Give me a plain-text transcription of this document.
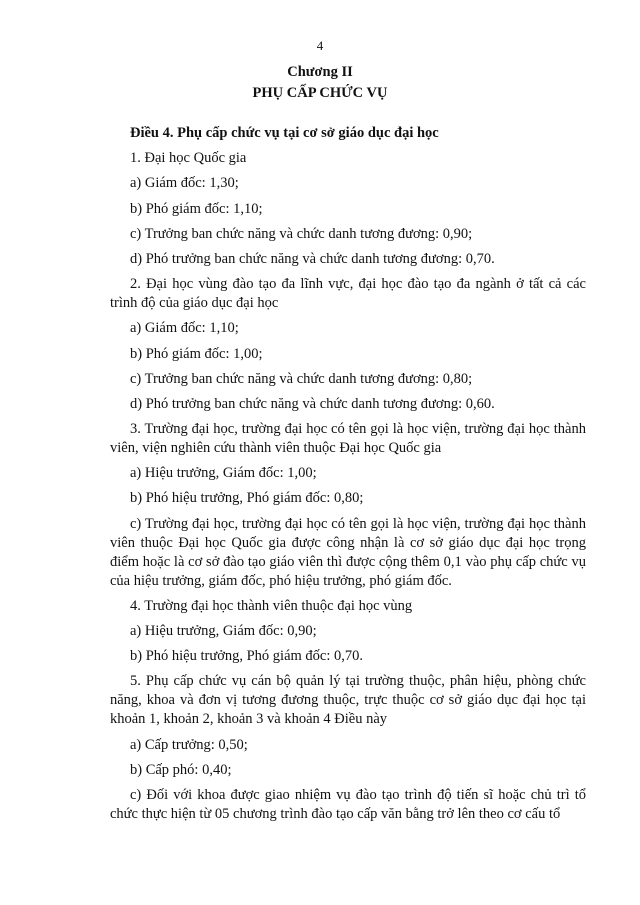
4
Chương II
PHỤ CẤP CHỨC VỤ

Điều 4. Phụ cấp chức vụ tại cơ sở giáo dục đại học

1. Đại học Quốc gia

a) Giám đốc: 1,30;

b) Phó giám đốc: 1,10;

c) Trưởng ban chức năng và chức danh tương đương: 0,90;

d) Phó trưởng ban chức năng và chức danh tương đương: 0,70.

2. Đại học vùng đào tạo đa lĩnh vực, đại học đào tạo đa ngành ở tất cả các trình độ của giáo dục đại học

a) Giám đốc: 1,10;

b) Phó giám đốc: 1,00;

c) Trưởng ban chức năng và chức danh tương đương: 0,80;

d) Phó trưởng ban chức năng và chức danh tương đương: 0,60.

3. Trường đại học, trường đại học có tên gọi là học viện, trường đại học thành viên, viện nghiên cứu thành viên thuộc Đại học Quốc gia

a) Hiệu trưởng, Giám đốc: 1,00;

b) Phó hiệu trưởng, Phó giám đốc: 0,80;

c) Trường đại học, trường đại học có tên gọi là học viện, trường đại học thành viên thuộc Đại học Quốc gia được công nhận là cơ sở giáo dục đại học trọng điểm hoặc là cơ sở đào tạo giáo viên thì được cộng thêm 0,1 vào phụ cấp chức vụ của hiệu trưởng, giám đốc, phó hiệu trưởng, phó giám đốc.

4. Trường đại học thành viên thuộc đại học vùng

a) Hiệu trưởng, Giám đốc: 0,90;

b) Phó hiệu trưởng, Phó giám đốc: 0,70.

5. Phụ cấp chức vụ cán bộ quản lý tại trường thuộc, phân hiệu, phòng chức năng, khoa và đơn vị tương đương thuộc, trực thuộc cơ sở giáo dục đại học tại khoản 1, khoản 2, khoản 3 và khoản 4 Điều này

a) Cấp trưởng: 0,50;

b) Cấp phó: 0,40;

c) Đối với khoa được giao nhiệm vụ đào tạo trình độ tiến sĩ hoặc chủ trì tổ chức thực hiện từ 05 chương trình đào tạo cấp văn bằng trở lên theo cơ cấu tổ
